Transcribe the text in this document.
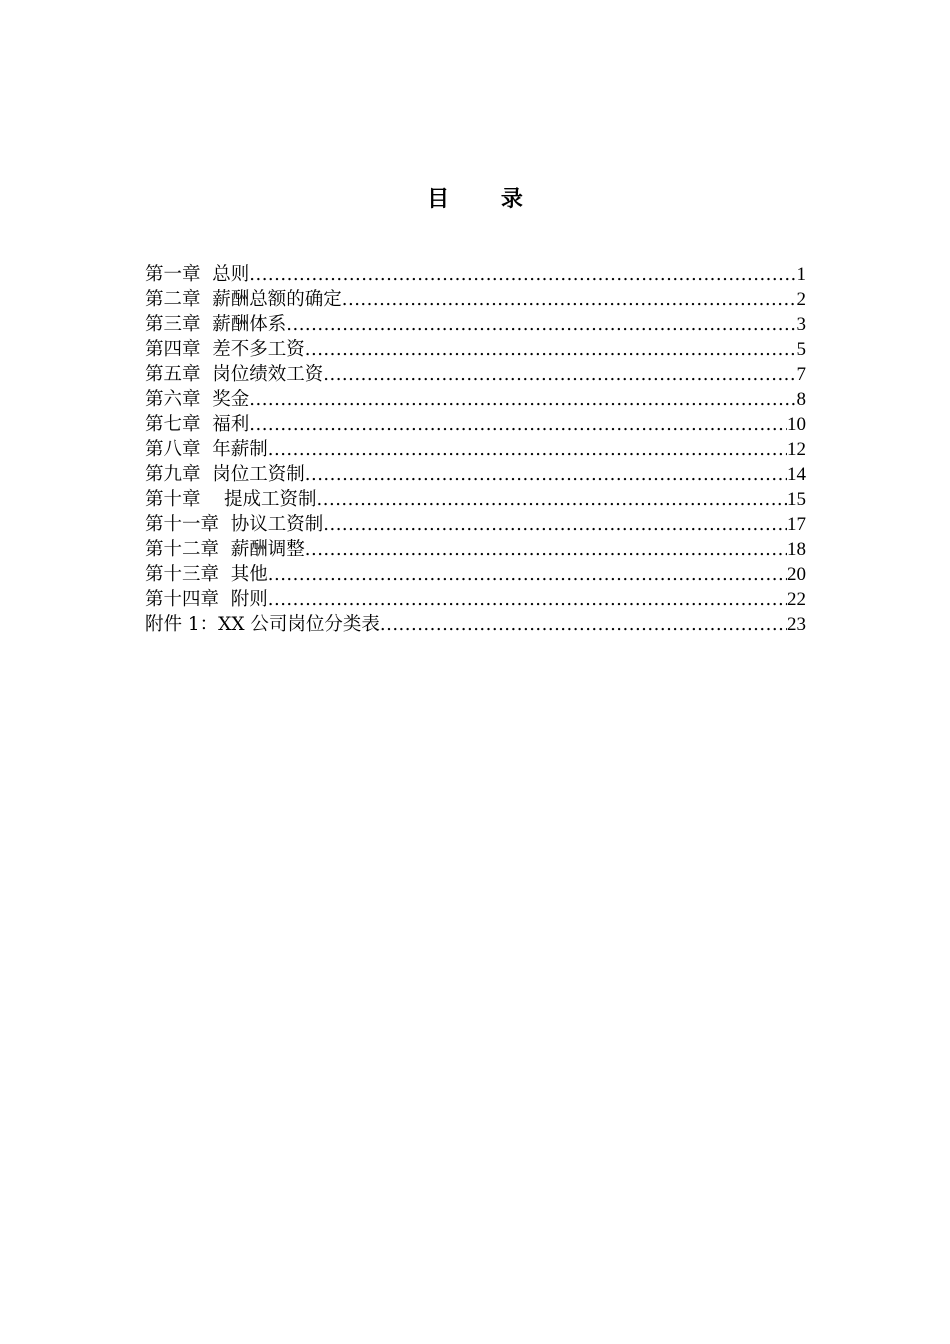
目 录
第一章  总则 .....	1
第二章  薪酬总额的确定 .....	2
第三章  薪酬体系 .....	3
第四章  差不多工资 .....	5
第五章  岗位绩效工资 .....	7
第六章  奖金 .....	8
第七章  福利 .....	10
第八章  年薪制 .....	12
第九章  岗位工资制 .....	14
第十章    提成工资制 .....	15
第十一章  协议工资制 .....	17
第十二章  薪酬调整 .....	18
第十三章  其他 .....	20
第十四章  附则 .....	22
附件 1：XX 公司岗位分类表 .....	23
